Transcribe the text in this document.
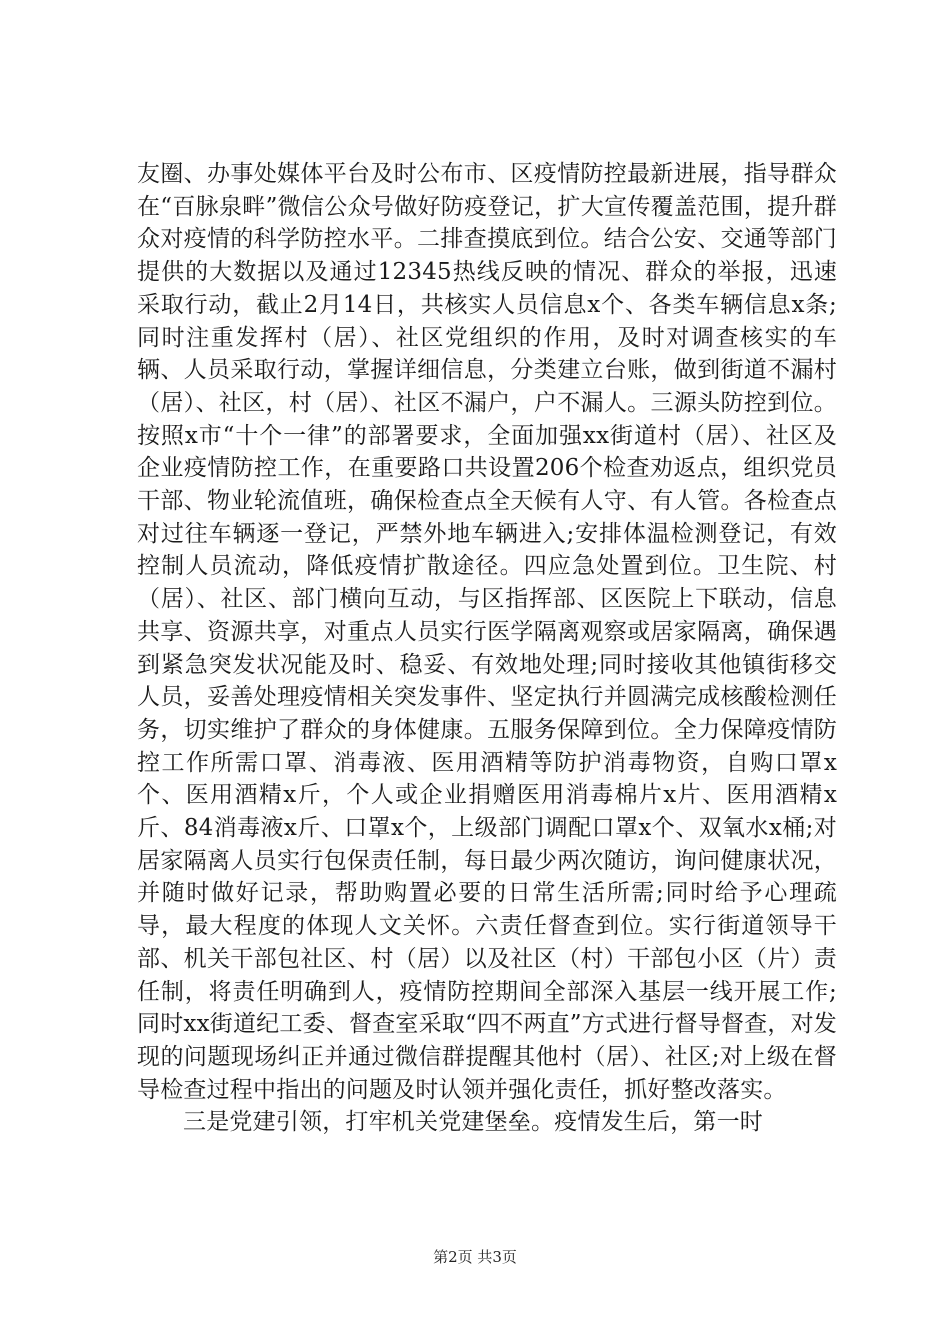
友圈、办事处媒体平台及时公布市、区疫情防控最新进展，指导群众在“百脉泉畔”微信公众号做好防疫登记，扩大宣传覆盖范围，提升群众对疫情的科学防控水平。二排查摸底到位。结合公安、交通等部门提供的大数据以及通过12345热线反映的情况、群众的举报，迅速采取行动，截止2月14日，共核实人员信息x个、各类车辆信息x条;同时注重发挥村（居）、社区党组织的作用，及时对调查核实的车辆、人员采取行动，掌握详细信息，分类建立台账，做到街道不漏村（居）、社区，村（居）、社区不漏户，户不漏人。三源头防控到位。按照x市“十个一律”的部署要求，全面加强xx街道村（居）、社区及企业疫情防控工作，在重要路口共设置206个检查劝返点，组织党员干部、物业轮流值班，确保检查点全天候有人守、有人管。各检查点对过往车辆逐一登记，严禁外地车辆进入;安排体温检测登记，有效控制人员流动，降低疫情扩散途径。四应急处置到位。卫生院、村（居）、社区、部门横向互动，与区指挥部、区医院上下联动，信息共享、资源共享，对重点人员实行医学隔离观察或居家隔离，确保遇到紧急突发状况能及时、稳妥、有效地处理;同时接收其他镇街移交人员，妥善处理疫情相关突发事件、坚定执行并圆满完成核酸检测任务，切实维护了群众的身体健康。五服务保障到位。全力保障疫情防控工作所需口罩、消毒液、医用酒精等防护消毒物资，自购口罩x个、医用酒精x斤，个人或企业捐赠医用消毒棉片x片、医用酒精x斤、84消毒液x斤、口罩x个，上级部门调配口罩x个、双氧水x桶;对居家隔离人员实行包保责任制，每日最少两次随访，询问健康状况，并随时做好记录，帮助购置必要的日常生活所需;同时给予心理疏导，最大程度的体现人文关怀。六责任督查到位。实行街道领导干部、机关干部包社区、村（居）以及社区（村）干部包小区（片）责任制，将责任明确到人，疫情防控期间全部深入基层一线开展工作;同时xx街道纪工委、督查室采取“四不两直”方式进行督导督查，对发现的问题现场纠正并通过微信群提醒其他村（居）、社区;对上级在督导检查过程中指出的问题及时认领并强化责任，抓好整改落实。

三是党建引领，打牢机关党建堡垒。疫情发生后，第一时

第2页 共3页
